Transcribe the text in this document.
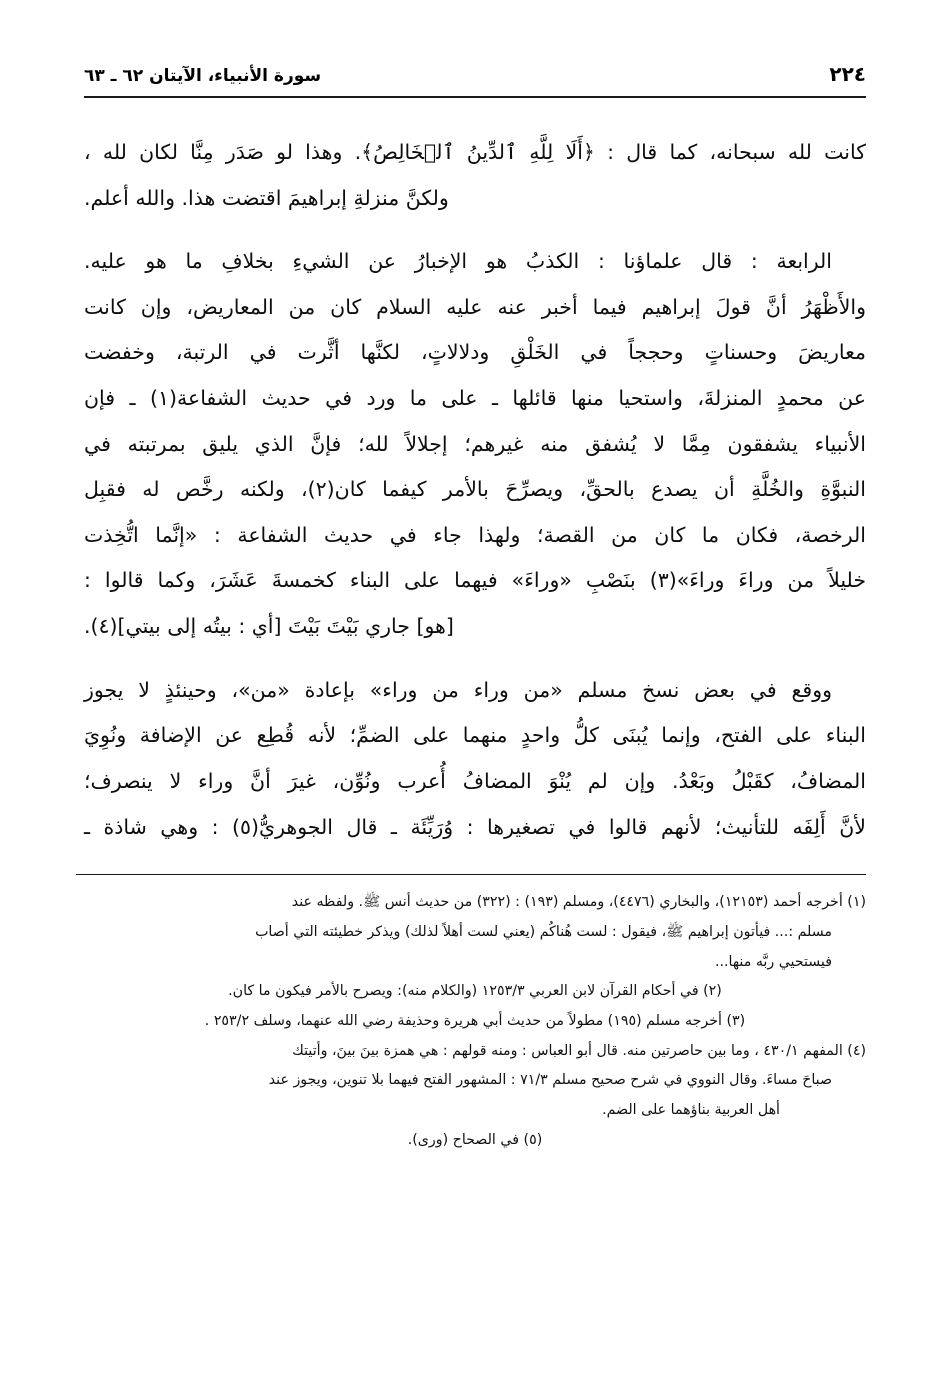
سورة الأنبياء، الآيتان ٦٢ ـ ٦٣	٢٢٤

كانت لله سبحانه، كما قال : ﴿أَلَا لِلَّهِ ٱلدِّينُ ٱلۡخَالِصُ﴾. وهذا لو صَدَر مِنَّا لكان لله ،

ولكنَّ منزلةِ إبراهيمَ اقتضت هذا. والله أعلم.

الرابعة : قال علماؤنا : الكذبُ هو الإخبارُ عن الشيءِ بخلافِ ما هو عليه.

والأَظْهَرُ أنَّ قولَ إبراهيم فيما أخبر عنه عليه السلام كان من المعاريض، وإن كانت

معاريضَ وحسناتٍ وحججاً في الخَلْقِ ودلالاتٍ، لكنَّها أثَّرت في الرتبة، وخفضت

عن محمدٍ المنزلةَ، واستحيا منها قائلها ـ على ما ورد في حديث الشفاعة(١) ـ فإن

الأنبياء يشفقون مِمَّا لا يُشفق منه غيرهم؛ إجلالاً لله؛ فإنَّ الذي يليق بمرتبته في

النبوَّةِ والخُلَّةِ أن يصدع بالحقِّ، ويصرِّحَ بالأمر كيفما كان(٢)، ولكنه رخَّص له فقبِل

الرخصة، فكان ما كان من القصة؛ ولهذا جاء في حديث الشفاعة : «إنَّما اتُّخِذت

خليلاً من وراءَ وراءَ»(٣) بنَصْبِ «وراءَ» فيهما على البناء كخمسةَ عَشَرَ، وكما قالوا :

[هو] جاري بَيْتَ بَيْتَ [أي : بيتُه إلى بيتي](٤).

ووقع في بعض نسخ مسلم «من وراء من وراء» بإعادة «من»، وحينئذٍ لا يجوز

البناء على الفتح، وإنما يُبنَى كلُّ واحدٍ منهما على الضمِّ؛ لأنه قُطِع عن الإضافة ونُوِيَ

المضافُ، كقَبْلُ وبَعْدُ. وإن لم يُنْوَ المضافُ أُعرب ونُوِّن، غيرَ أنَّ وراء لا ينصرف؛

لأنَّ أَلِفَه للتأنيث؛ لأنهم قالوا في تصغيرها : وُرَيِّئَة ـ قال الجوهريُّ(٥) : وهي شاذة ـ

(١) أخرجه أحمد (١٢١٥٣)، والبخاري (٤٤٧٦)، ومسلم (١٩٣) : (٣٢٢) من حديث أنس ﷺ. ولفظه عند

مسلم :... فيأتون إبراهيم ﷺ، فيقول : لست هُناكُم (يعني لست أهلاً لذلك) ويذكر خطيئته التي أصاب

فيستحيي ربَّه منها...

(٢) في أحكام القرآن لابن العربي ١٢٥٣/٣ (والكلام منه): ويصرح بالأمر فيكون ما كان.

(٣) أخرجه مسلم (١٩٥) مطولاً من حديث أبي هريرة وحذيفة رضي الله عنهما، وسلف ٢٥٣/٢ .

(٤) المفهم ٤٣٠/١ ، وما بين حاصرتين منه. قال أبو العباس : ومنه قولهم : هي همزة بينَ بينَ، وأتيتك

صباحَ مساءَ. وقال النووي في شرح صحيح مسلم ٧١/٣ : المشهور الفتح فيهما بلا تنوين، ويجوز عند

أهل العربية بناؤهما على الضم.

(٥) في الصحاح (ورى).
